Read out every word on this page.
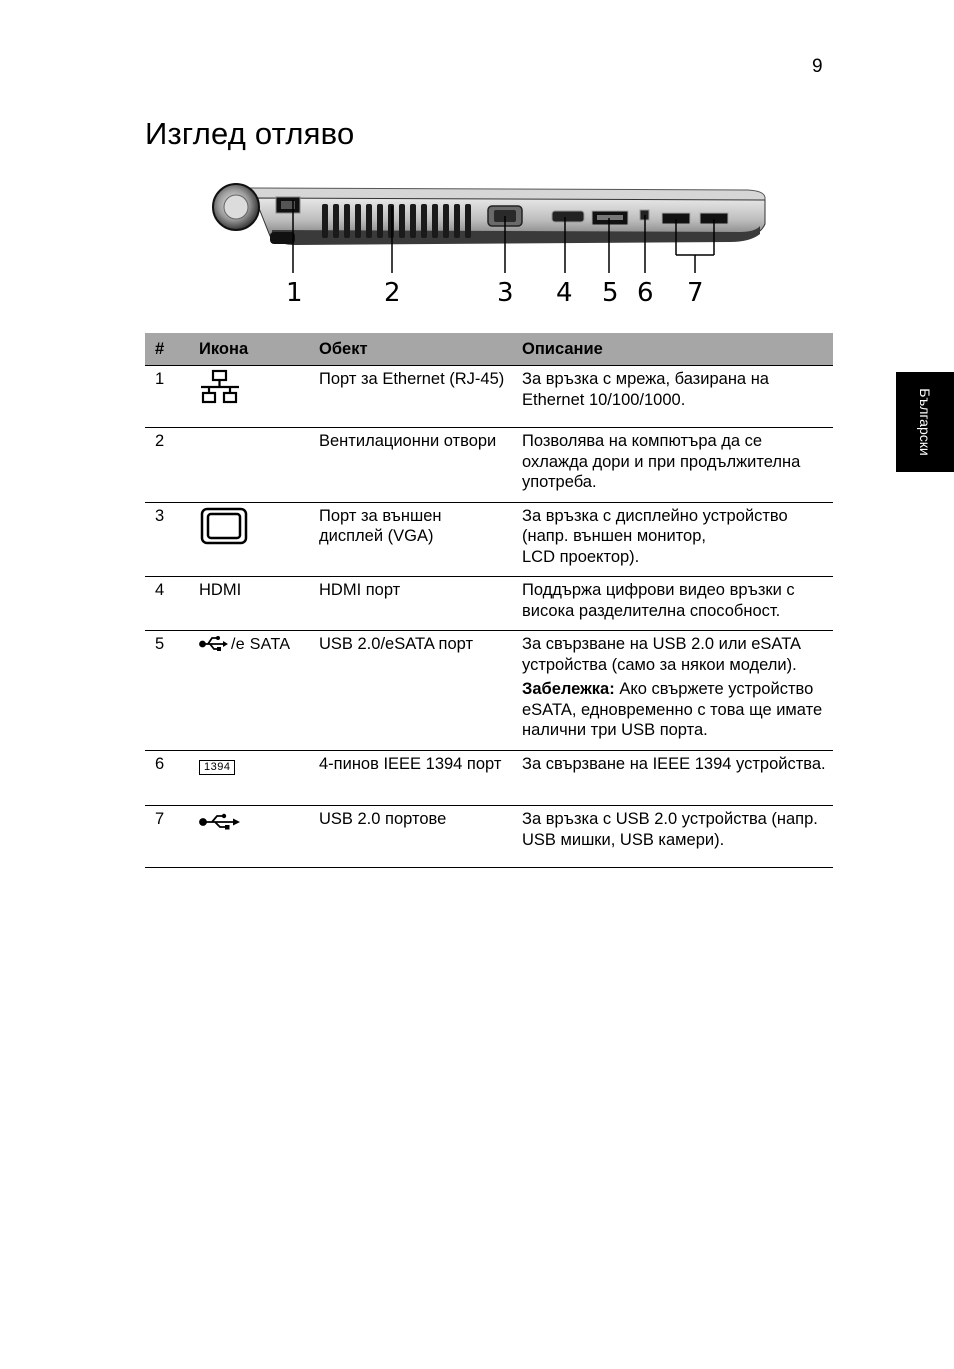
9
Изглед отляво
Български
1	2	3 4 5 6 7
#	Икона	Обект	Описание
1		Порт за Ethernet (RJ-45)	За връзка с мрежа, базирана на Ethernet 10/100/1000.
2		Вентилационни отвори	Позволява на компютъра да се охлажда дори и при продължителна употреба.
3		Порт за външен дисплей (VGA)	За връзка с дисплейно устройство (напр. външен монитор,
LCD проектор).

4	HDMI	HDMI порт	Поддържа цифрови видео връзки с висока разделителна способност.
5	/e SATA	USB 2.0/eSATA порт	За свързване на USB 2.0 или eSATA устройства (само за някои модели).
Забележка: Ако свържете устройство eSATA, едновременно с това ще имате налични три USB порта.

6	1394	4-пинов IEEE 1394 порт	За свързване на IEEE 1394 устройства.
7		USB 2.0 портове	За връзка с USB 2.0 устройства (напр. USB мишки, USB камери).
